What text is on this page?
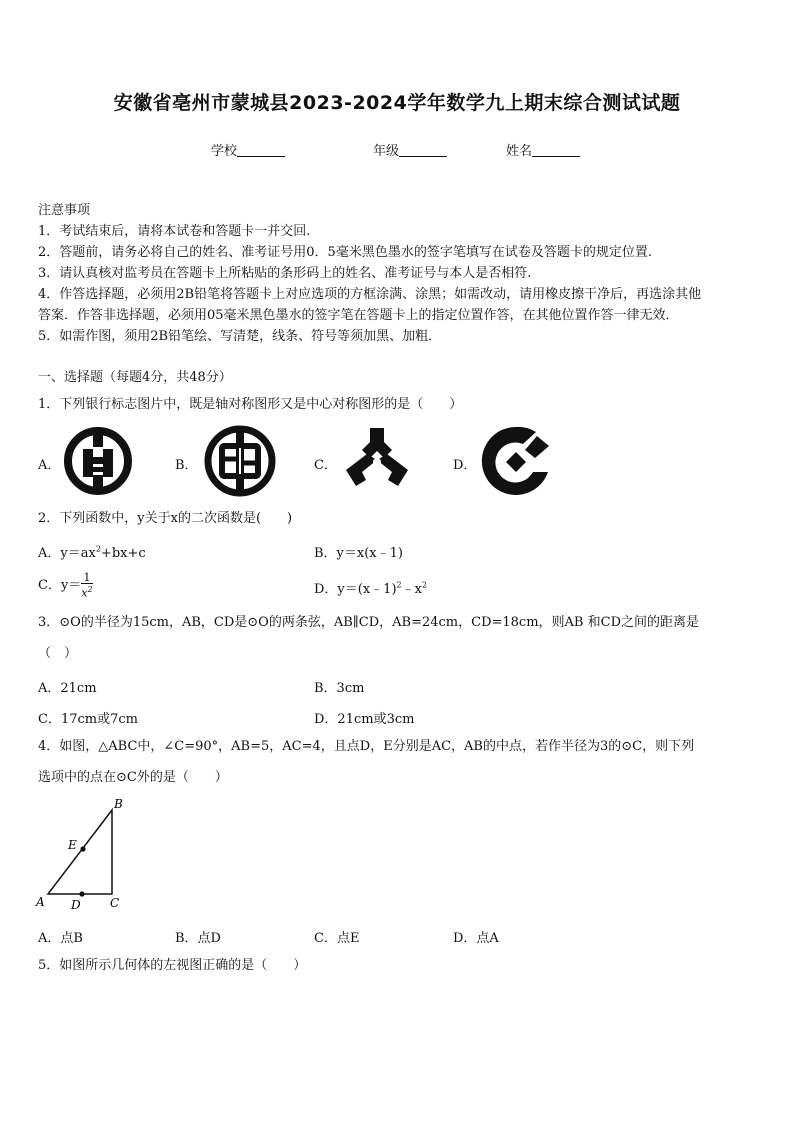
安徽省亳州市蒙城县2023-2024学年数学九上期末综合测试试题
学校	年级	姓名
注意事项
1．考试结束后，请将本试卷和答题卡一并交回.
2．答题前，请务必将自己的姓名、准考证号用0．5毫米黑色墨水的签字笔填写在试卷及答题卡的规定位置.
3．请认真核对监考员在答题卡上所粘贴的条形码上的姓名、准考证号与本人是否相符.
4．作答选择题，必须用2B铅笔将答题卡上对应选项的方框涂满、涂黑；如需改动，请用橡皮擦干净后，再选涂其他
答案．作答非选择题，必须用05毫米黑色墨水的签字笔在答题卡上的指定位置作答，在其他位置作答一律无效．
5．如需作图，须用2B铅笔绘、写清楚，线条、符号等须加黑、加粗．
一、选择题（每题4分，共48分）
1．下列银行标志图片中，既是轴对称图形又是中心对称图形的是（　　）
A．	B．	C．	D．
2．下列函数中，y关于x的二次函数是(　　)
A．$y=ax^2+bx+c$	B．y＝x(x﹣1)
C．$y= \frac{1}{x^2}$	D．$y=(x﹣1)^2﹣x^2$
3．⊙O的半径为15cm，AB，CD是⊙O的两条弦，AB∥CD，AB=24cm，CD=18cm，则AB 和CD之间的距离是
（　）
A．21cm	B．3cm
C．17cm或7cm	D．21cm或3cm
4．如图，△ABC中，∠C=90°，AB=5，AC=4，且点D，E分别是AC，AB的中点，若作半径为3的⊙C，则下列
选项中的点在⊙C外的是（　　）
A
B
C
D
E
A．点B	B．点D	C．点E	D．点A
5．如图所示几何体的左视图正确的是（　　）
